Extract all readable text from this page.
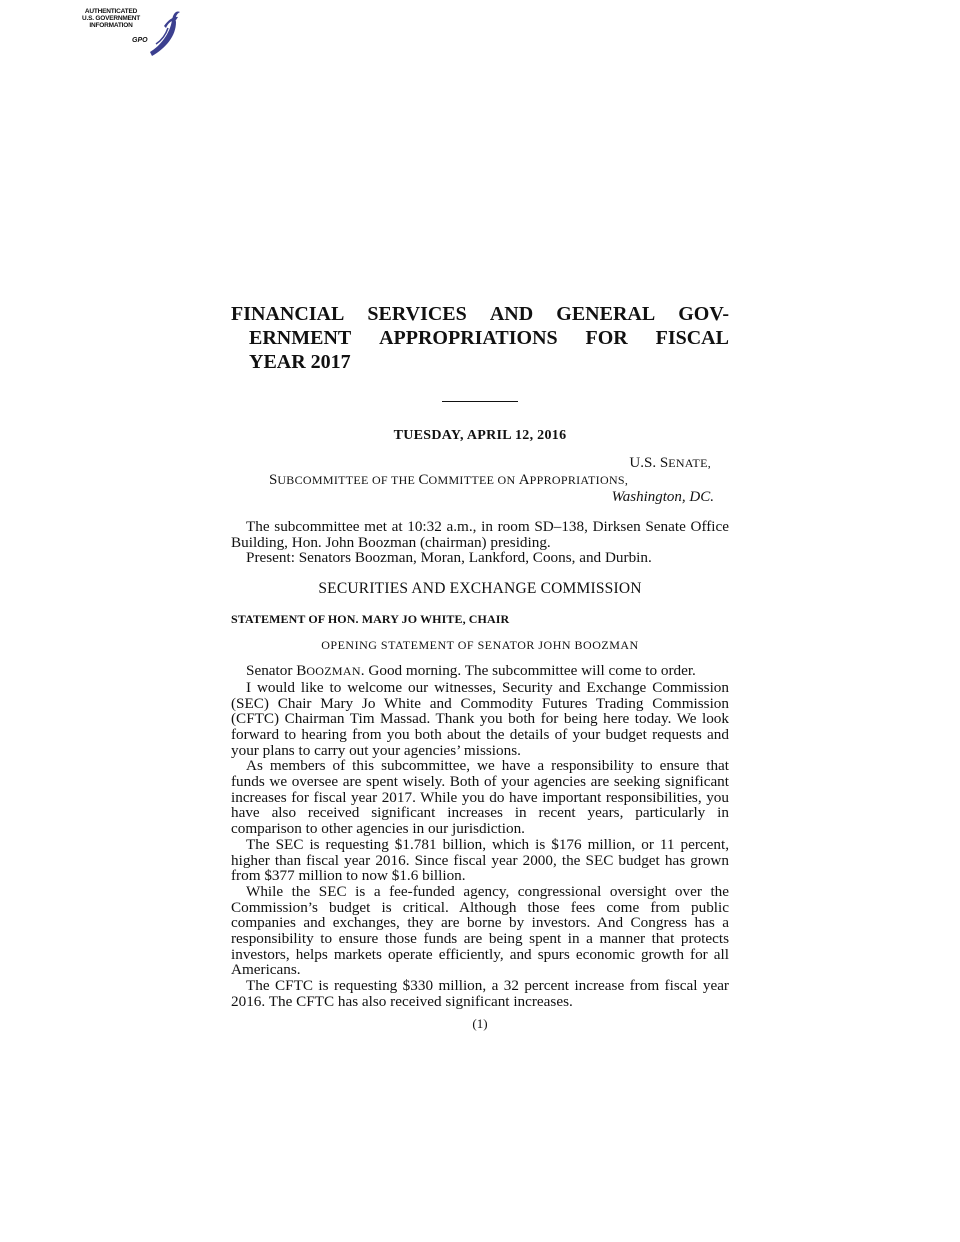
AUTHENTICATED
U.S. GOVERNMENT
INFORMATION
GPO
FINANCIAL SERVICES AND GENERAL GOV-
ERNMENT APPROPRIATIONS FOR FISCAL
YEAR 2017
TUESDAY, APRIL 12, 2016
U.S. SENATE,
SUBCOMMITTEE OF THE COMMITTEE ON APPROPRIATIONS,
Washington, DC.

The subcommittee met at 10:32 a.m., in room SD–138, Dirksen Senate Office Building, Hon. John Boozman (chairman) presiding.

Present: Senators Boozman, Moran, Lankford, Coons, and Durbin.

SECURITIES AND EXCHANGE COMMISSION
STATEMENT OF HON. MARY JO WHITE, CHAIR
OPENING STATEMENT OF SENATOR JOHN BOOZMAN

Senator BOOZMAN. Good morning. The subcommittee will come to order.

I would like to welcome our witnesses, Security and Exchange Commission (SEC) Chair Mary Jo White and Commodity Futures Trading Commission (CFTC) Chairman Tim Massad. Thank you both for being here today. We look forward to hearing from you both about the details of your budget requests and your plans to carry out your agencies’ missions.

As members of this subcommittee, we have a responsibility to ensure that funds we oversee are spent wisely. Both of your agencies are seeking significant increases for fiscal year 2017. While you do have important responsibilities, you have also received significant increases in recent years, particularly in comparison to other agencies in our jurisdiction.

The SEC is requesting $1.781 billion, which is $176 million, or 11 percent, higher than fiscal year 2016. Since fiscal year 2000, the SEC budget has grown from $377 million to now $1.6 billion.

While the SEC is a fee-funded agency, congressional oversight over the Commission’s budget is critical. Although those fees come from public companies and exchanges, they are borne by investors. And Congress has a responsibility to ensure those funds are being spent in a manner that protects investors, helps markets operate efficiently, and spurs economic growth for all Americans.

The CFTC is requesting $330 million, a 32 percent increase from fiscal year 2016. The CFTC has also received significant increases.

(1)
